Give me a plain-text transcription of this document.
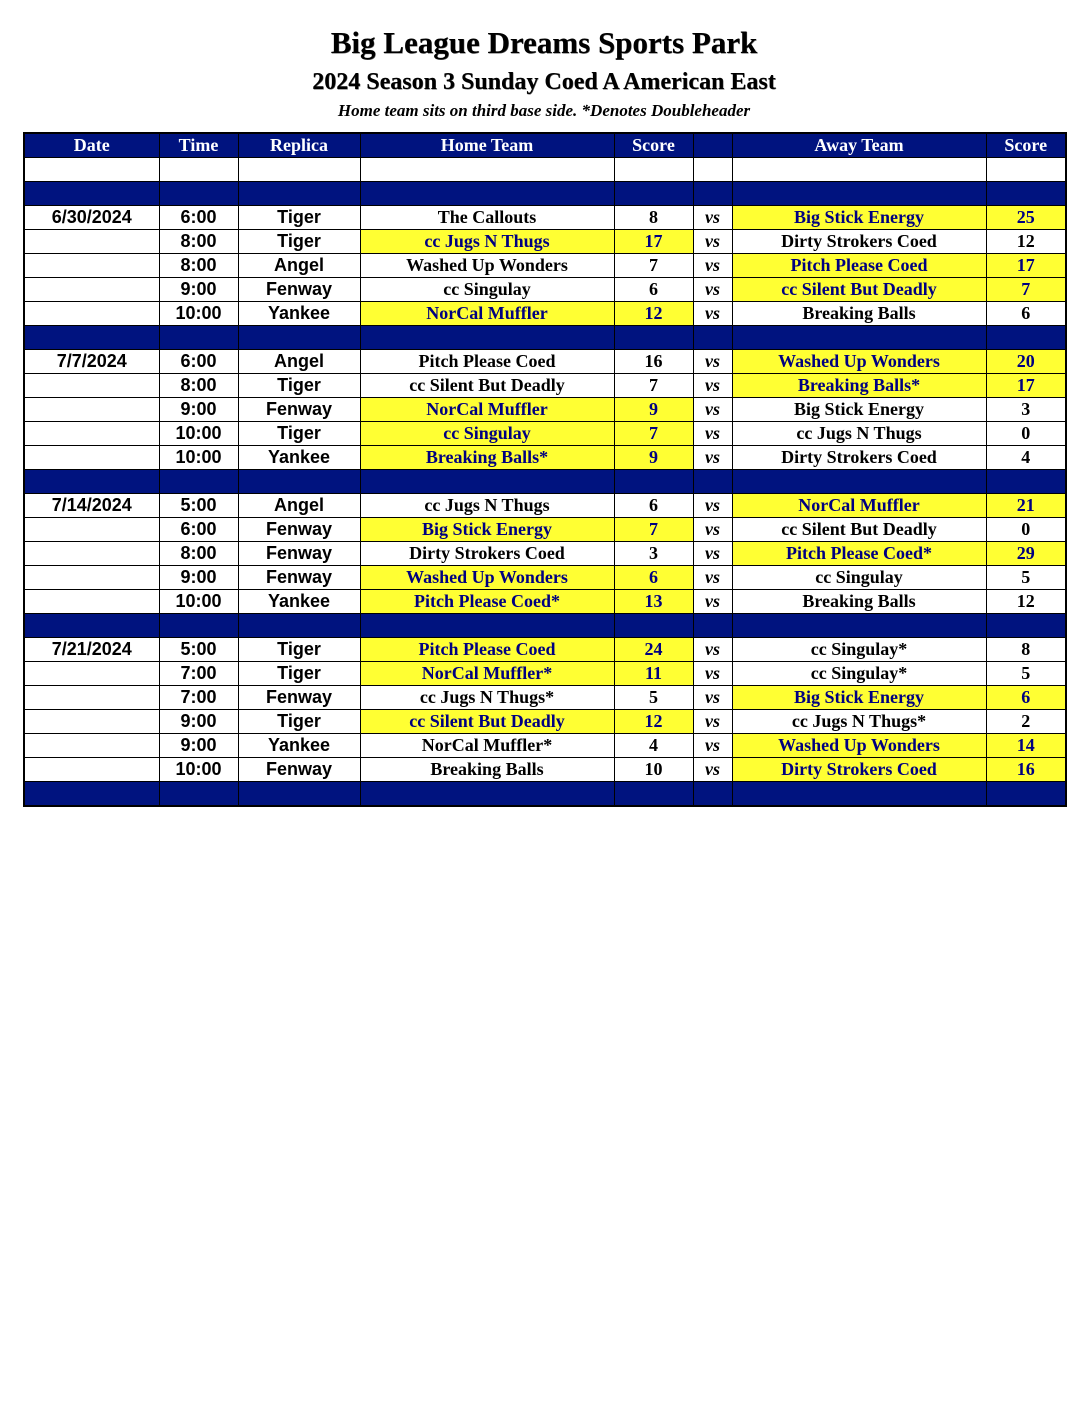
Big League Dreams Sports Park
2024 Season 3 Sunday Coed A American East
Home team sits on third base side. *Denotes Doubleheader
Date	Time	Replica	Home Team	Score		Away Team	Score

6/30/2024	6:00	Tiger	The Callouts	8	vs	Big Stick Energy	25
	8:00	Tiger	cc Jugs N Thugs	17	vs	Dirty Strokers Coed	12
	8:00	Angel	Washed Up Wonders	7	vs	Pitch Please Coed	17
	9:00	Fenway	cc Singulay	6	vs	cc Silent But Deadly	7
	10:00	Yankee	NorCal Muffler	12	vs	Breaking Balls	6

7/7/2024	6:00	Angel	Pitch Please Coed	16	vs	Washed Up Wonders	20
	8:00	Tiger	cc Silent But Deadly	7	vs	Breaking Balls*	17
	9:00	Fenway	NorCal Muffler	9	vs	Big Stick Energy	3
	10:00	Tiger	cc Singulay	7	vs	cc Jugs N Thugs	0
	10:00	Yankee	Breaking Balls*	9	vs	Dirty Strokers Coed	4

7/14/2024	5:00	Angel	cc Jugs N Thugs	6	vs	NorCal Muffler	21
	6:00	Fenway	Big Stick Energy	7	vs	cc Silent But Deadly	0
	8:00	Fenway	Dirty Strokers Coed	3	vs	Pitch Please Coed*	29
	9:00	Fenway	Washed Up Wonders	6	vs	cc Singulay	5
	10:00	Yankee	Pitch Please Coed*	13	vs	Breaking Balls	12

7/21/2024	5:00	Tiger	Pitch Please Coed	24	vs	cc Singulay*	8
	7:00	Tiger	NorCal Muffler*	11	vs	cc Singulay*	5
	7:00	Fenway	cc Jugs N Thugs*	5	vs	Big Stick Energy	6
	9:00	Tiger	cc Silent But Deadly	12	vs	cc Jugs N Thugs*	2
	9:00	Yankee	NorCal Muffler*	4	vs	Washed Up Wonders	14
	10:00	Fenway	Breaking Balls	10	vs	Dirty Strokers Coed	16
